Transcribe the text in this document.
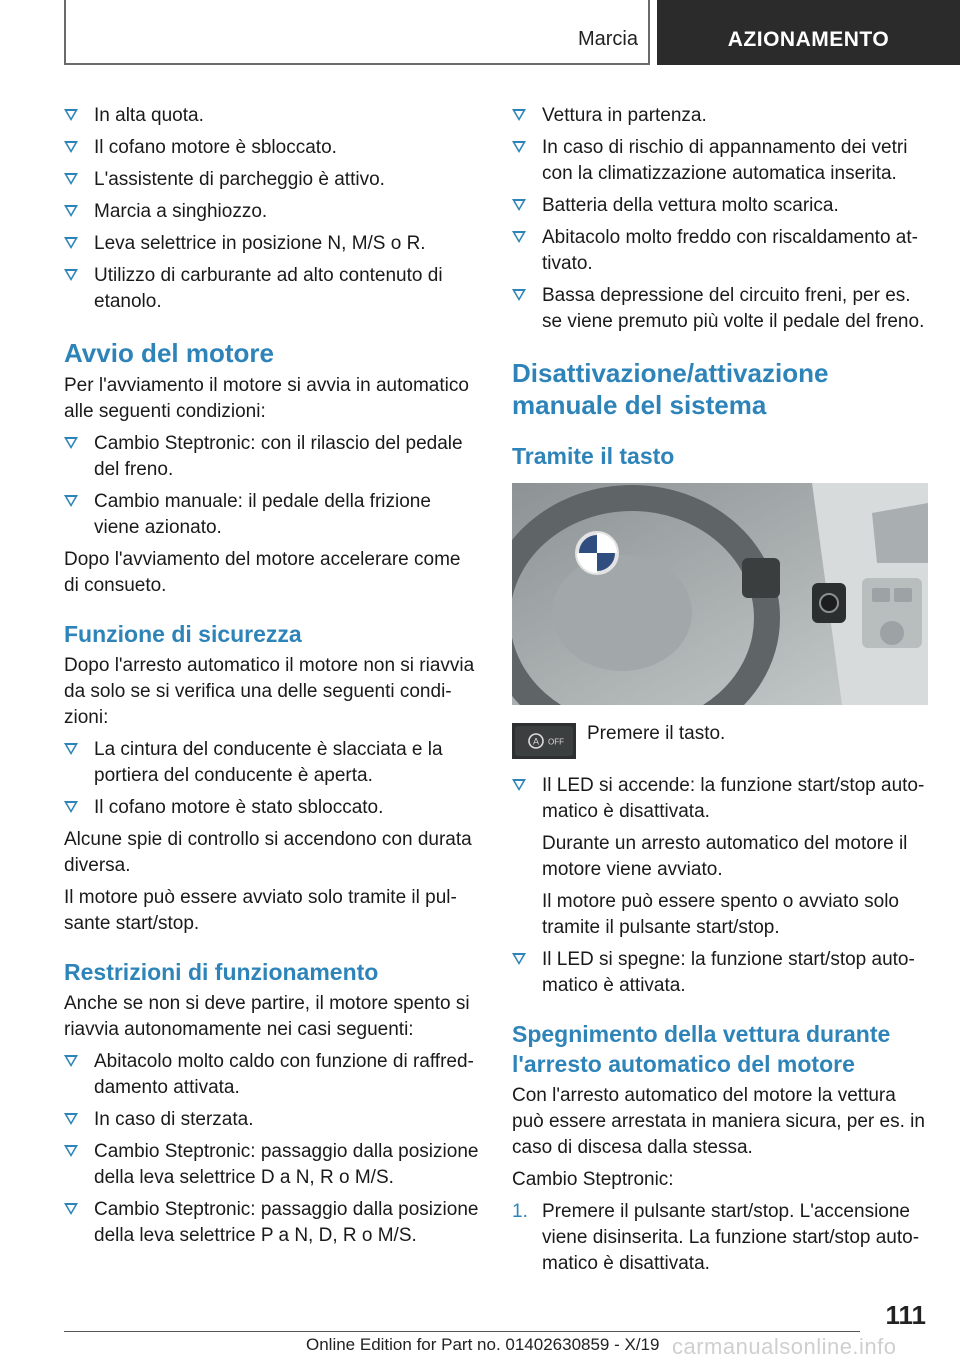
Marcia	AZIONAMENTO
In alta quota.
Il cofano motore è sbloccato.
L'assistente di parcheggio è attivo.
Marcia a singhiozzo.
Leva selettrice in posizione N, M/S o R.
Utilizzo di carburante ad alto contenuto di etanolo.
Avvio del motore

Per l'avviamento il motore si avvia in automatico alle seguenti condizioni:

Cambio Steptronic: con il rilascio del pedale del freno.
Cambio manuale: il pedale della frizione viene azionato.

Dopo l'avviamento del motore accelerare come di consueto.

Funzione di sicurezza

Dopo l'arresto automatico il motore non si riavvia da solo se si verifica una delle seguenti condizioni:

La cintura del conducente è slacciata e la portiera del conducente è aperta.
Il cofano motore è stato sbloccato.

Alcune spie di controllo si accendono con durata diversa.

Il motore può essere avviato solo tramite il pulsante start/stop.

Restrizioni di funzionamento

Anche se non si deve partire, il motore spento si riavvia autonomamente nei casi seguenti:

Abitacolo molto caldo con funzione di raffreddamento attivata.
In caso di sterzata.
Cambio Steptronic: passaggio dalla posizione della leva selettrice D a N, R o M/S.
Cambio Steptronic: passaggio dalla posizione della leva selettrice P a N, D, R o M/S.
Vettura in partenza.
In caso di rischio di appannamento dei vetri con la climatizzazione automatica inserita.
Batteria della vettura molto scarica.
Abitacolo molto freddo con riscaldamento attivato.
Bassa depressione del circuito freni, per es. se viene premuto più volte il pedale del freno.
Disattivazione/attivazione manuale del sistema
Tramite il tasto
A OFF Premere il tasto.

Il LED si accende: la funzione start/stop automatico è disattivata.

Durante un arresto automatico del motore il motore viene avviato.

Il motore può essere spento o avviato solo tramite il pulsante start/stop.

Il LED si spegne: la funzione start/stop automatico è attivata.
Spegnimento della vettura durante l'arresto automatico del motore

Con l'arresto automatico del motore la vettura può essere arrestata in maniera sicura, per es. in caso di discesa dalla stessa.

Cambio Steptronic:

1. Premere il pulsante start/stop. L'accensione viene disinserita. La funzione start/stop automatico è disattivata.
111
Online Edition for Part no. 01402630859 - X/19 carmanualsonline.info
